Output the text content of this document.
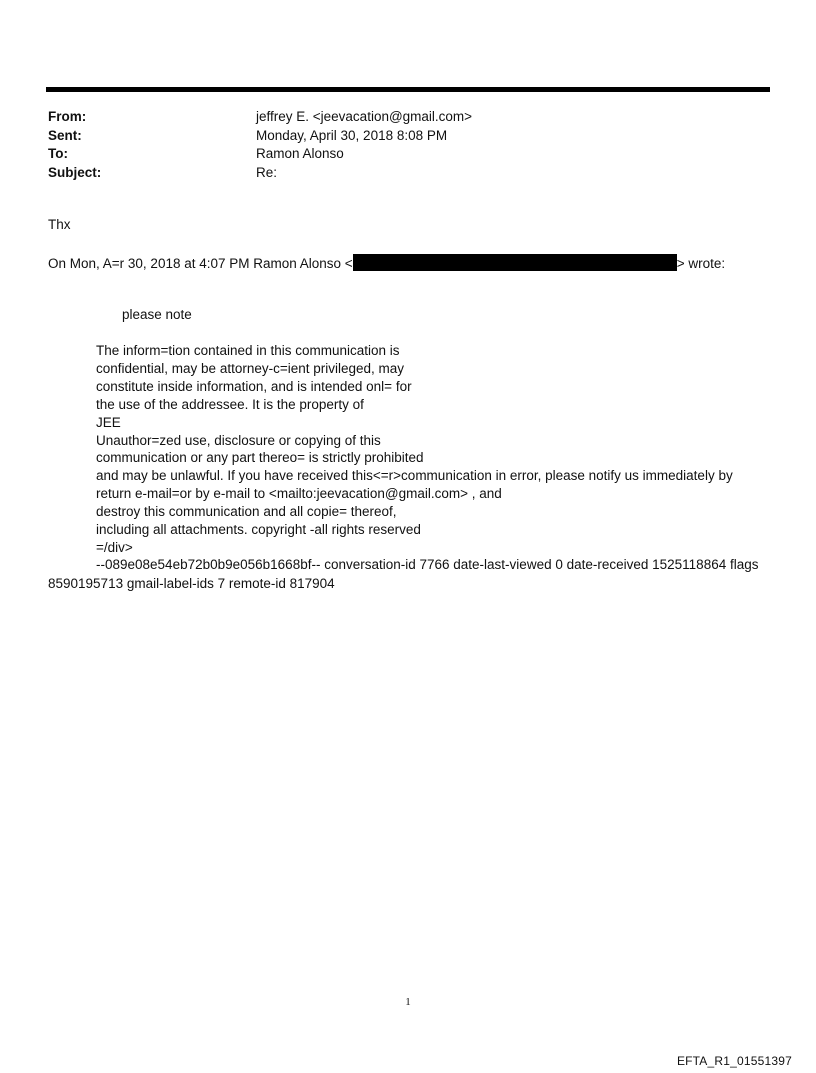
From:	jeffrey E. <jeevacation@gmail.com>
Sent:	Monday, April 30, 2018 8:08 PM
To:	Ramon Alonso
Subject:	Re:
Thx
On Mon, A=r 30, 2018 at 4:07 PM Ramon Alonso <	> wrote:
please note
The inform=tion contained in this communication is
confidential, may be attorney-c=ient privileged, may
constitute inside information, and is intended onl= for
the use of the addressee. It is the property of
JEE
Unauthor=zed use, disclosure or copying of this
communication or any part thereo= is strictly prohibited
and may be unlawful. If you have received this<=r>communication in error, please notify us immediately by
return e-mail=or by e-mail to <mailto:jeevacation@gmail.com> , and
destroy this communication and all copie= thereof,
including all attachments. copyright -all rights reserved
=/div>
--089e08e54eb72b0b9e056b1668bf-- conversation-id 7766 date-last-viewed 0 date-received 1525118864 flags 8590195713 gmail-label-ids 7 remote-id 817904
1
EFTA_R1_01551397
